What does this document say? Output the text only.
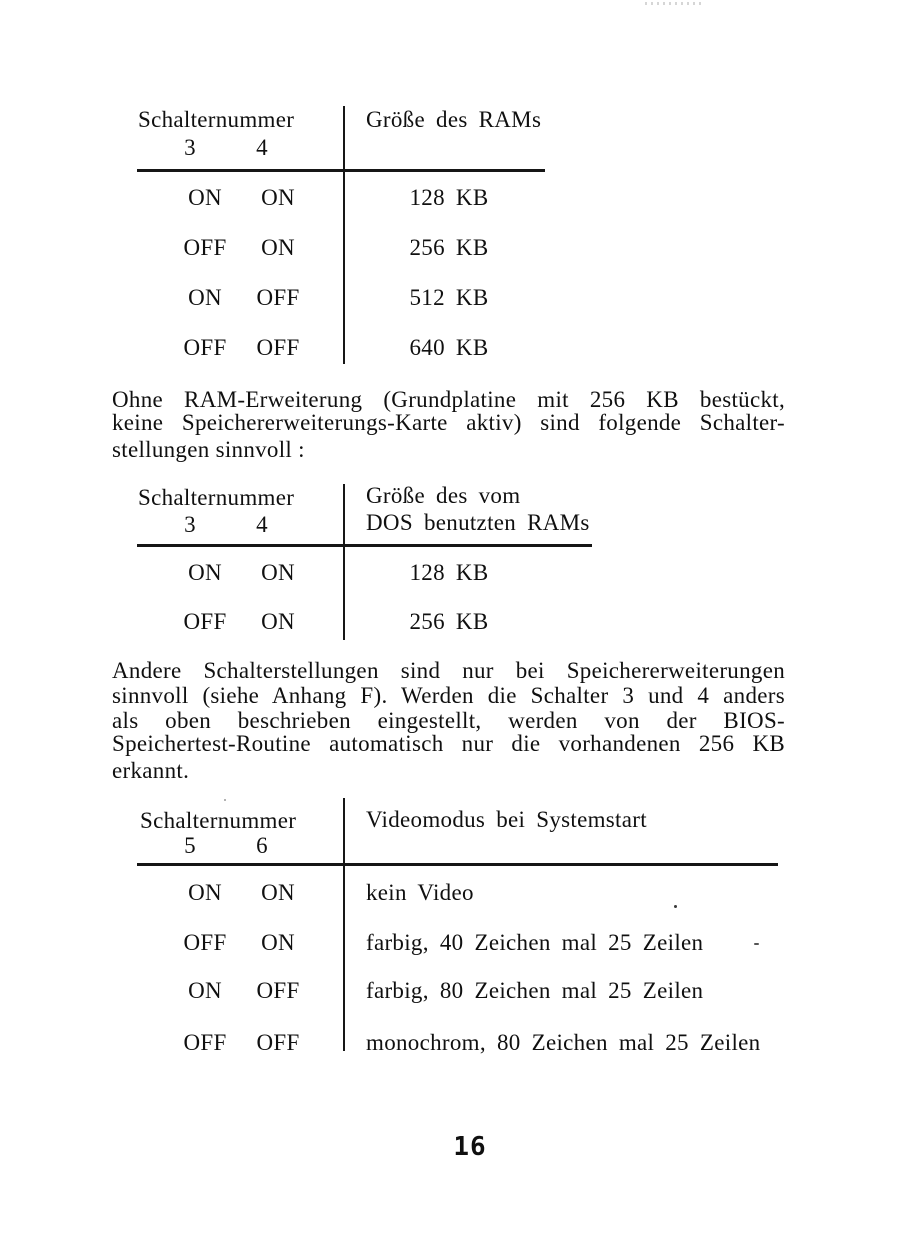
Schalternummer
3	4
Größe des RAMs
ON	ON	128 KB
OFF	ON	256 KB
ON	OFF	512 KB
OFF	OFF	640 KB
Ohne RAM-Erweiterung (Grundplatine mit 256 KB bestückt,
keine Speichererweiterungs-Karte aktiv) sind folgende Schalter-
stellungen sinnvoll :
Schalternummer
3	4
Größe des vom
DOS benutzten RAMs
ON	ON	128 KB
OFF	ON	256 KB
Andere Schalterstellungen sind nur bei Speichererweiterungen
sinnvoll (siehe Anhang F). Werden die Schalter 3 und 4 anders
als oben beschrieben eingestellt, werden von der BIOS-
Speichertest-Routine automatisch nur die vorhandenen 256 KB
erkannt.
Schalternummer
5	6
Videomodus bei Systemstart
ON	ON	kein Video
OFF	ON	farbig, 40 Zeichen mal 25 Zeilen
ON	OFF	farbig, 80 Zeichen mal 25 Zeilen
OFF	OFF	monochrom, 80 Zeichen mal 25 Zeilen
16
